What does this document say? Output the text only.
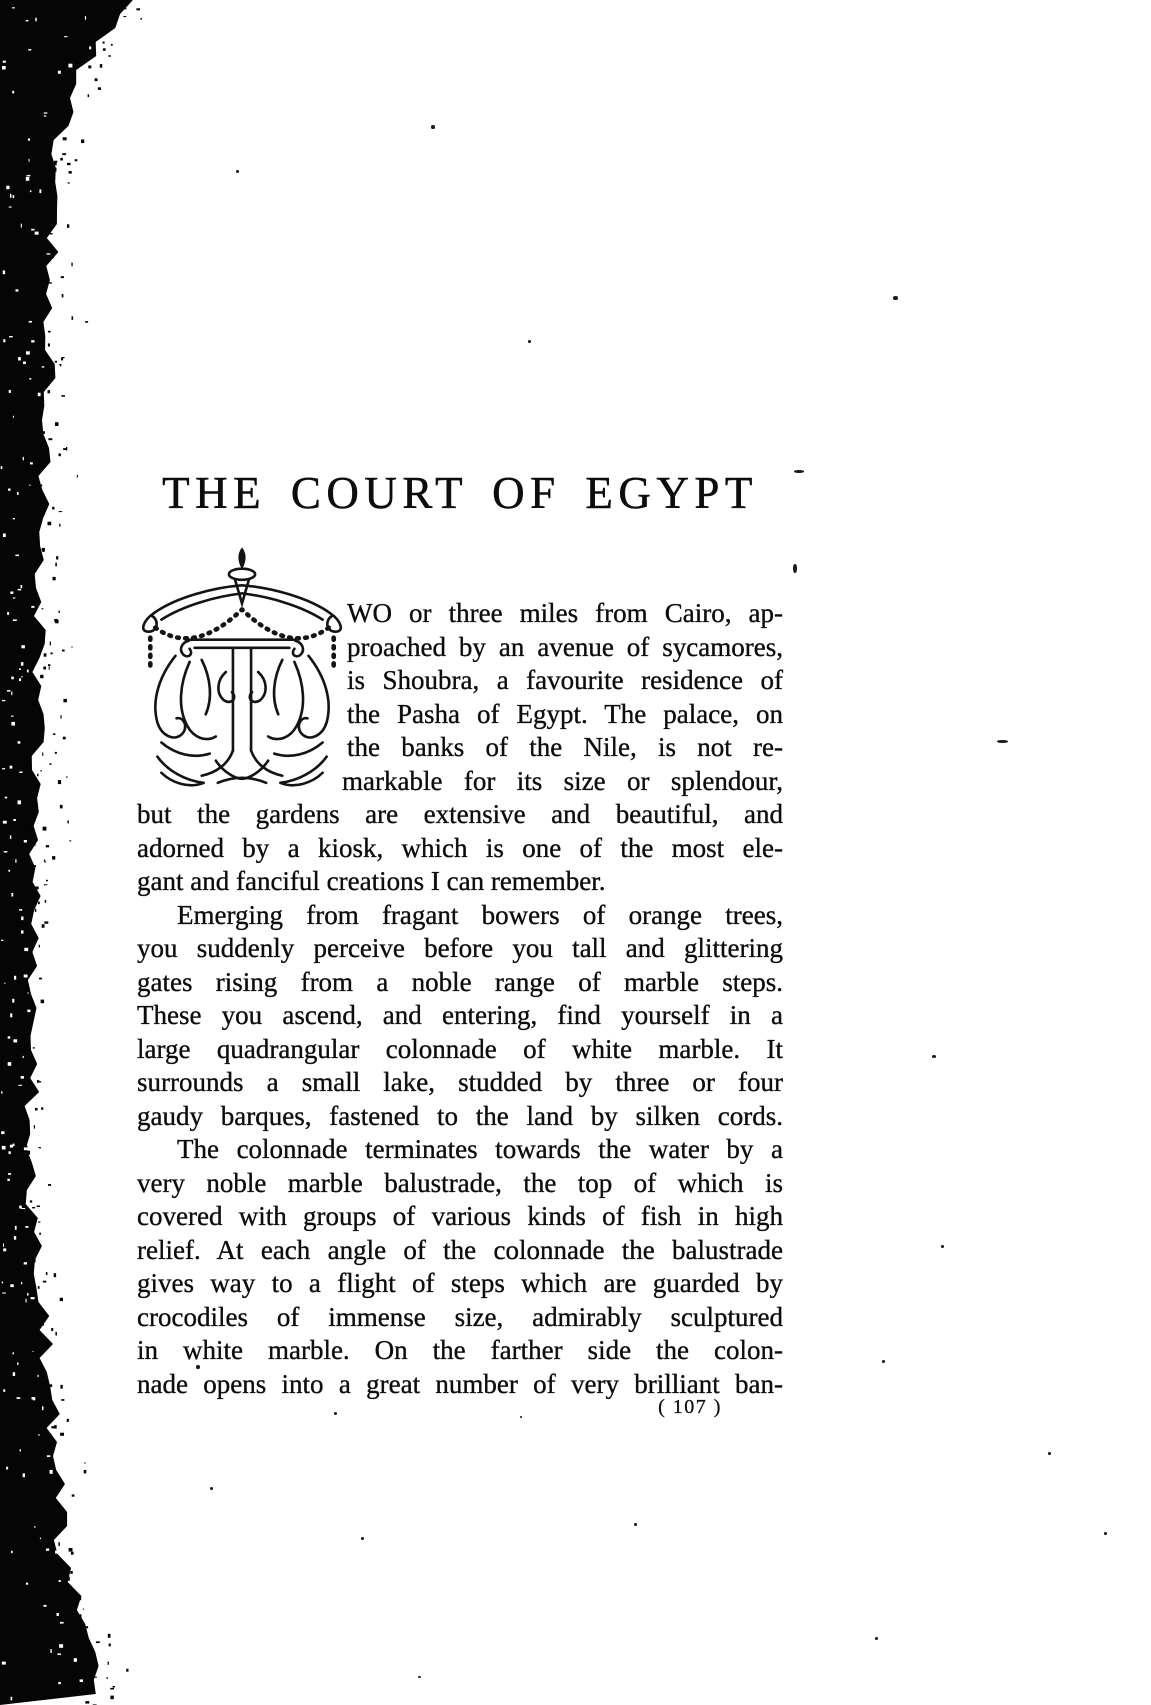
THE COURT OF EGYPT
WO or three miles from Cairo, ap-
proached by an avenue of sycamores,
is Shoubra, a favourite residence of
the Pasha of Egypt. The palace, on
the banks of the Nile, is not re-
markable for its size or splendour,
but the gardens are extensive and beautiful, and
adorned by a kiosk, which is one of the most ele-
gant and fanciful creations I can remember.
Emerging from fragant bowers of orange trees,
you suddenly perceive before you tall and glittering
gates rising from a noble range of marble steps.
These you ascend, and entering, find yourself in a
large quadrangular colonnade of white marble. It
surrounds a small lake, studded by three or four
gaudy barques, fastened to the land by silken cords.
The colonnade terminates towards the water by a
very noble marble balustrade, the top of which is
covered with groups of various kinds of fish in high
relief. At each angle of the colonnade the balustrade
gives way to a flight of steps which are guarded by
crocodiles of immense size, admirably sculptured
in white marble. On the farther side the colon-
nade opens into a great number of very brilliant ban-
( 107 )
